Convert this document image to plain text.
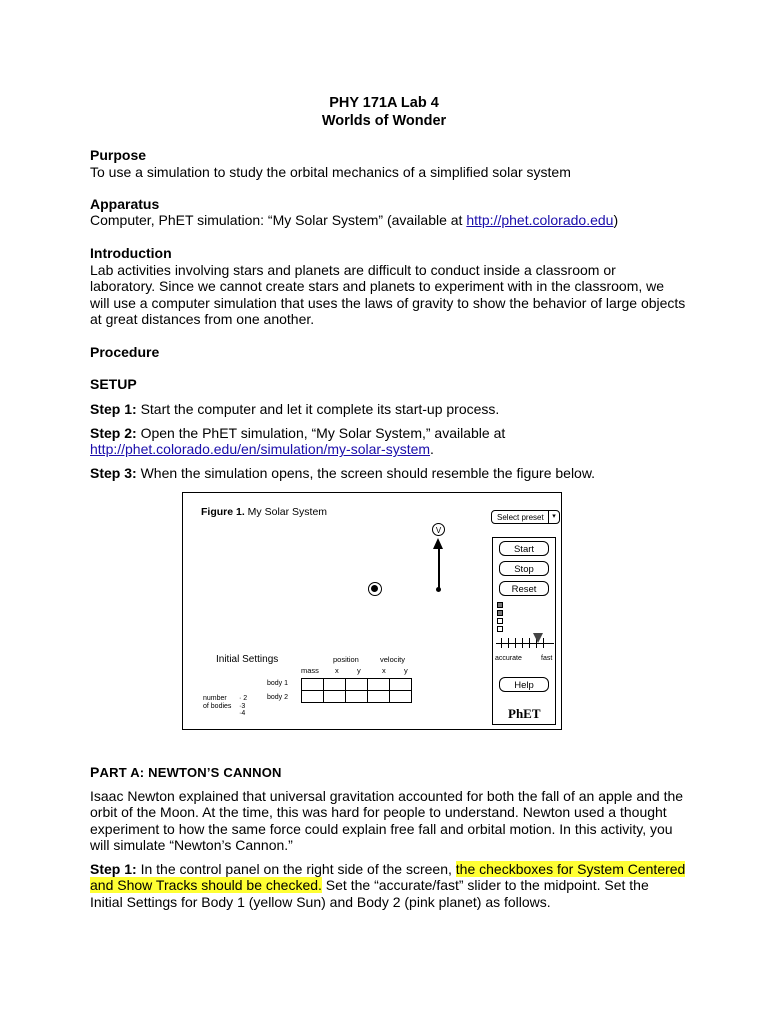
PHY 171A Lab 4
Worlds of Wonder
Purpose
To use a simulation to study the orbital mechanics of a simplified solar system
Apparatus
Computer, PhET simulation: “My Solar System” (available at http://phet.colorado.edu)
Introduction
Lab activities involving stars and planets are difficult to conduct inside a classroom or
laboratory. Since we cannot create stars and planets to experiment with in the classroom, we
will use a computer simulation that uses the laws of gravity to show the behavior of large objects
at great distances from one another.
Procedure
SETUP
Step 1: Start the computer and let it complete its start-up process.
Step 2: Open the PhET simulation, “My Solar System,” available at
http://phet.colorado.edu/en/simulation/my-solar-system.
Step 3: When the simulation opens, the screen should resemble the figure below.
Figure 1. My Solar System	Select preset	▾
V
Start
Stop
Reset
accurate	fast
Help
PhET
Initial Settings	position	velocity
mass x y	x y
body 1
body 2

number
of bodies
· 2
·3
·4
PART A: NEWTON’S CANNON
Isaac Newton explained that universal gravitation accounted for both the fall of an apple and the
orbit of the Moon. At the time, this was hard for people to understand. Newton used a thought
experiment to how the same force could explain free fall and orbital motion. In this activity, you
will simulate “Newton’s Cannon.”
Step 1: In the control panel on the right side of the screen, the checkboxes for System Centered
and Show Tracks should be checked. Set the “accurate/fast” slider to the midpoint. Set the
Initial Settings for Body 1 (yellow Sun) and Body 2 (pink planet) as follows.
